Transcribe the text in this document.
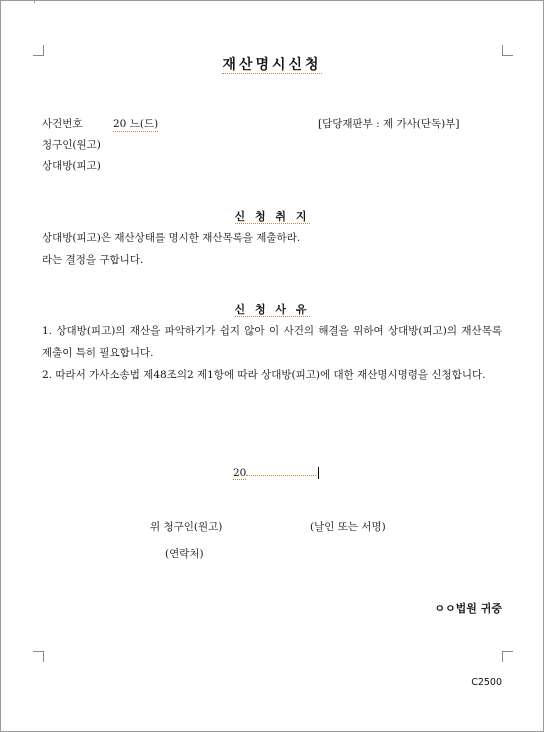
재산명시신청
사건번호	20 느(드)	[담당재판부 : 제 가사(단독)부]
청구인(원고)
상대방(피고)
신 청 취 지
상대방(피고)은 재산상태를 명시한 재산목록을 제출하라.
라는 결정을 구합니다.
신 청 사 유
1. 상대방(피고)의 재산을 파악하기가 쉽지 않아 이 사건의 해결을 위하여 상대방(피고)의 재산목록 제출이 특히 필요합니다.
2. 따라서 가사소송법 제48조의2 제1항에 따라 상대방(피고)에 대한 재산명시명령을 신청합니다.
20
위 청구인(원고)	(날인 또는 서명)
(연락처)
ㅇㅇ법원 귀중
C2500
